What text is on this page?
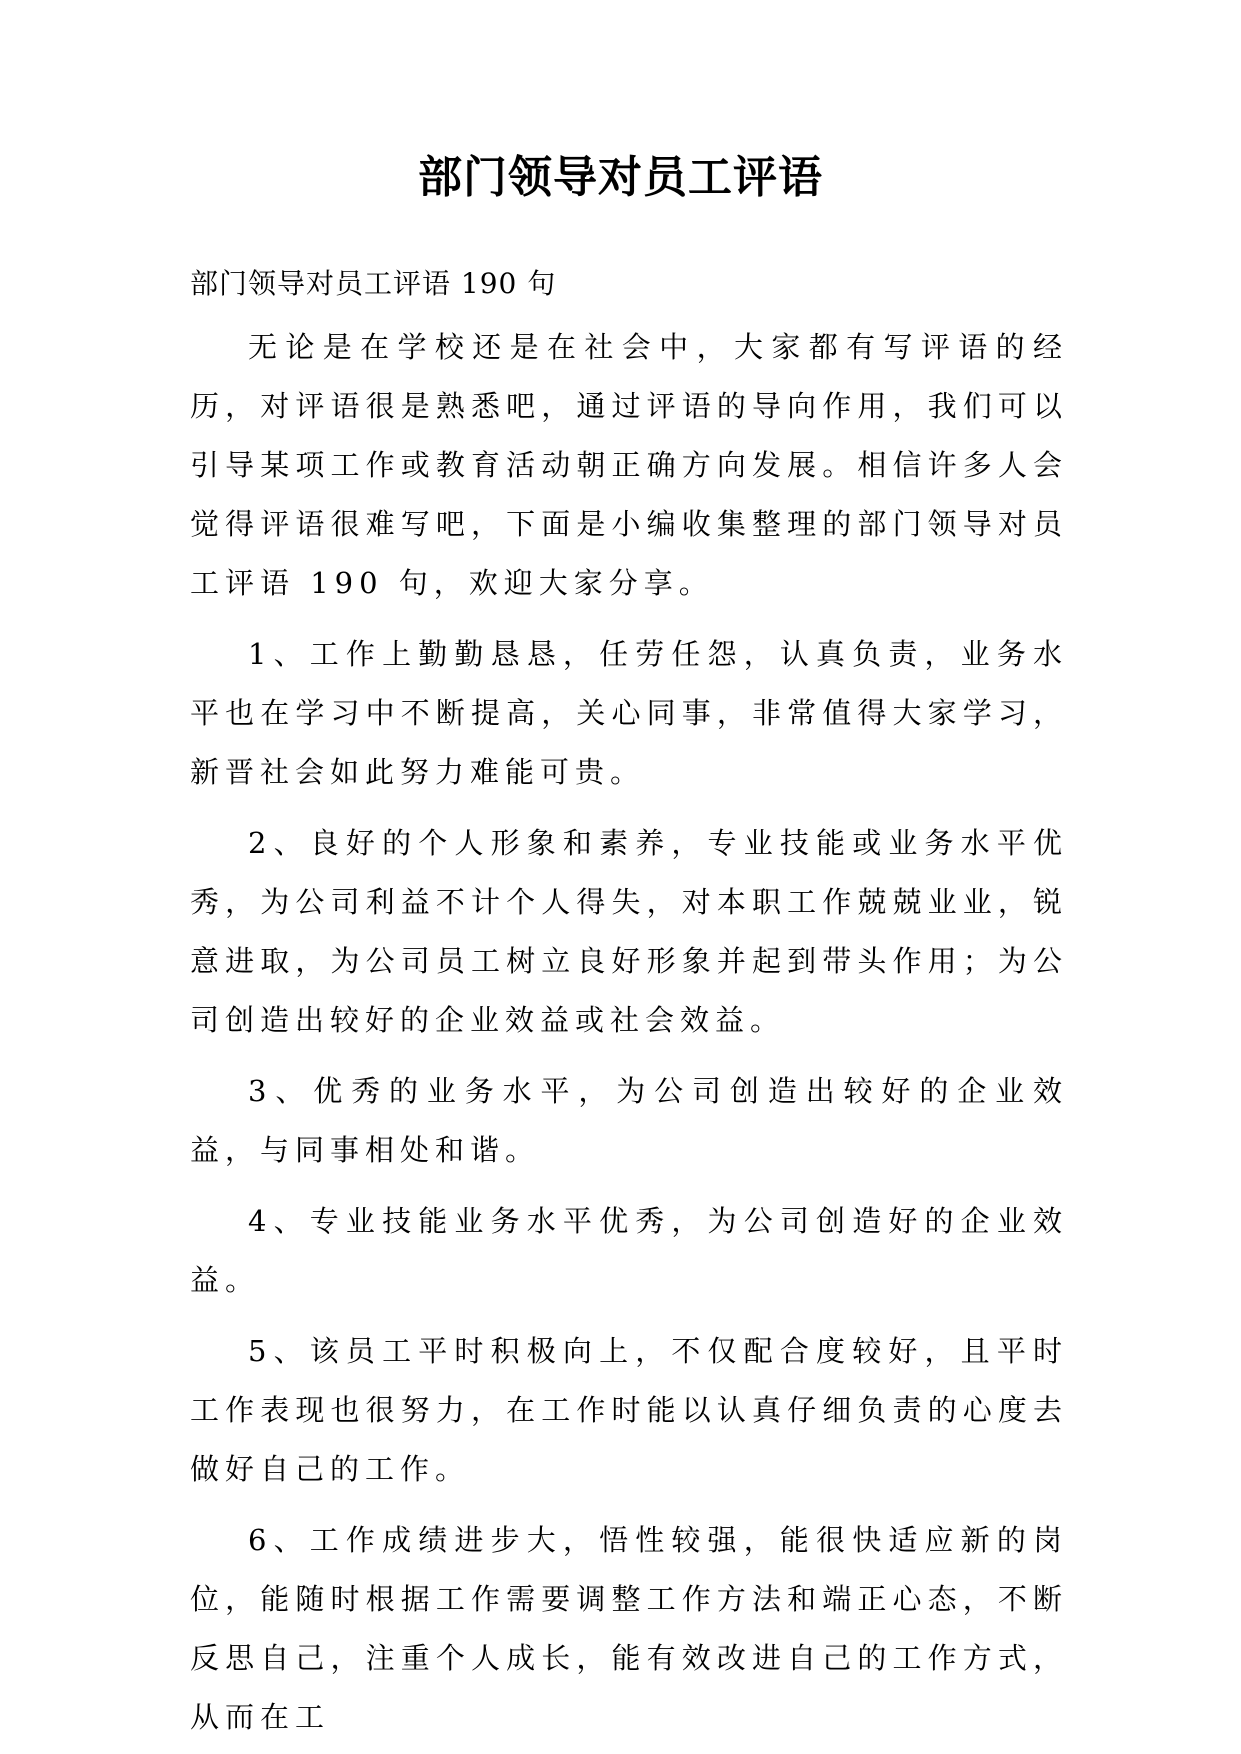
部门领导对员工评语

部门领导对员工评语 190 句

无论是在学校还是在社会中，大家都有写评语的经历，对评语很是熟悉吧，通过评语的导向作用，我们可以引导某项工作或教育活动朝正确方向发展。相信许多人会觉得评语很难写吧，下面是小编收集整理的部门领导对员工评语 190 句，欢迎大家分享。

1、工作上勤勤恳恳，任劳任怨，认真负责，业务水平也在学习中不断提高，关心同事，非常值得大家学习，新晋社会如此努力难能可贵。

2、良好的个人形象和素养，专业技能或业务水平优秀，为公司利益不计个人得失，对本职工作兢兢业业，锐意进取，为公司员工树立良好形象并起到带头作用；为公司创造出较好的企业效益或社会效益。

3、优秀的业务水平，为公司创造出较好的企业效益，与同事相处和谐。

4、专业技能业务水平优秀，为公司创造好的企业效益。

5、该员工平时积极向上，不仅配合度较好，且平时工作表现也很努力，在工作时能以认真仔细负责的心度去做好自己的工作。

6、工作成绩进步大，悟性较强，能很快适应新的岗位，能随时根据工作需要调整工作方法和端正心态，不断反思自己，注重个人成长，能有效改进自己的工作方式，从而在工
